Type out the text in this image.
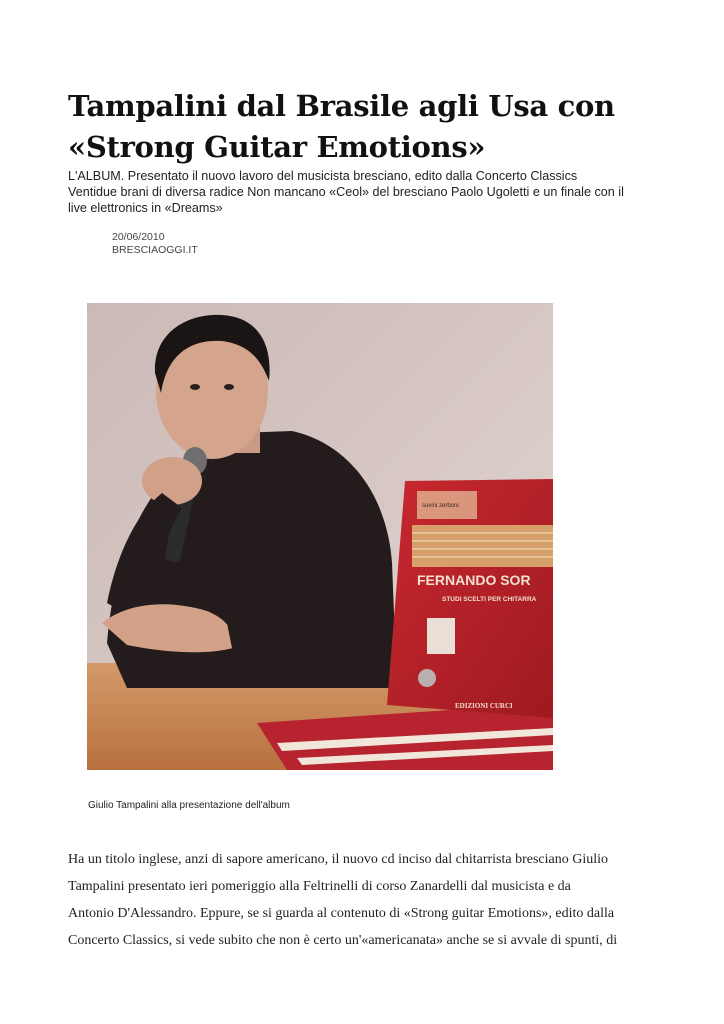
Tampalini dal Brasile agli Usa con
«Strong Guitar Emotions»

L'ALBUM. Presentato il nuovo lavoro del musicista bresciano, edito dalla Concerto Classics
Ventidue brani di diversa radice Non mancano «Ceol» del bresciano Paolo Ugoletti e un finale con il
live elettronics in «Dreams»

20/06/2010
BRESCIAOGGI.IT
suvini zerboni
FERNANDO SOR
STUDI SCELTI PER CHITARRA
EDIZIONI CURCI
Giulio Tampalini alla presentazione dell'album

Ha un titolo inglese, anzi di sapore americano, il nuovo cd inciso dal chitarrista bresciano Giulio

Tampalini presentato ieri pomeriggio alla Feltrinelli di corso Zanardelli dal musicista e da

Antonio D'Alessandro. Eppure, se si guarda al contenuto di «Strong guitar Emotions», edito dalla

Concerto Classics, si vede subito che non è certo un'«americanata» anche se si avvale di spunti, di
